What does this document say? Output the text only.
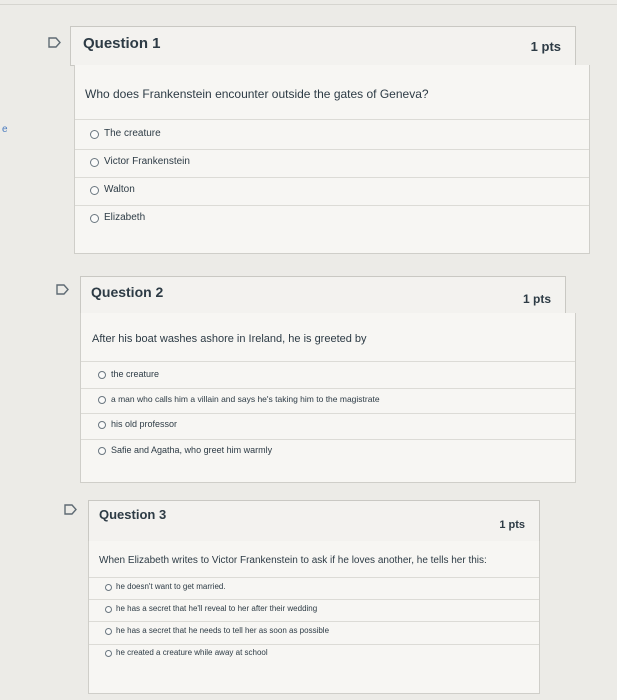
e
Question 1	1 pts
Who does Frankenstein encounter outside the gates of Geneva?
The creature
Victor Frankenstein
Walton
Elizabeth
Question 2	1 pts
After his boat washes ashore in Ireland, he is greeted by
the creature
a man who calls him a villain and says he's taking him to the magistrate
his old professor
Safie and Agatha, who greet him warmly
Question 3
1 pts
When Elizabeth writes to Victor Frankenstein to ask if he loves another, he tells her this:
he doesn't want to get married.
he has a secret that he'll reveal to her after their wedding
he has a secret that he needs to tell her as soon as possible
he created a creature while away at school
